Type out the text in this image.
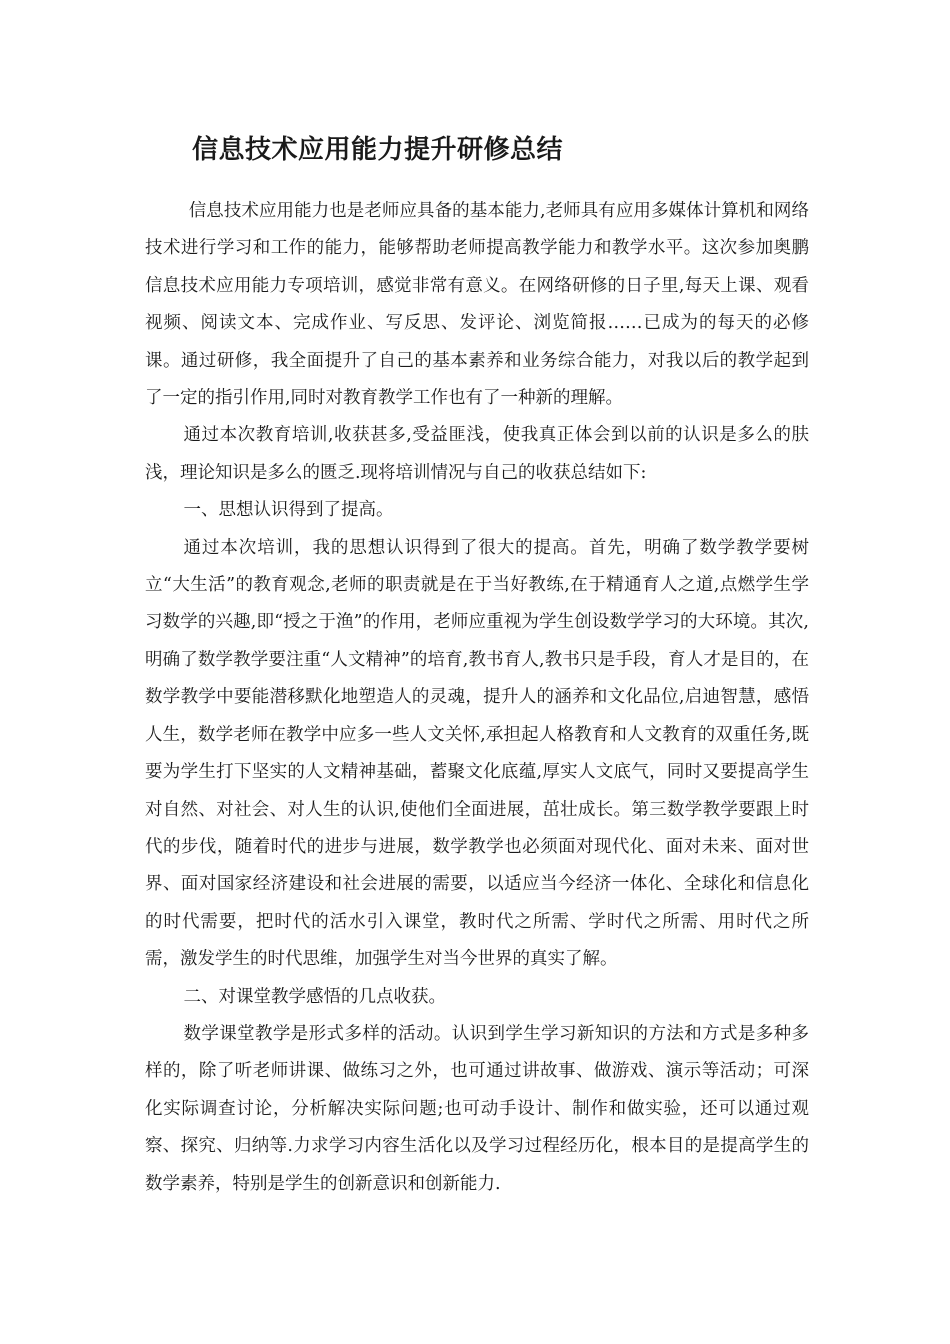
信息技术应用能力提升研修总结

信息技术应用能力也是老师应具备的基本能力,老师具有应用多媒体计算机和网络技术进行学习和工作的能力，能够帮助老师提高教学能力和教学水平。这次参加奥鹏信息技术应用能力专项培训，感觉非常有意义。在网络研修的日子里,每天上课、观看视频、阅读文本、完成作业、写反思、发评论、浏览简报……已成为的每天的必修课。通过研修，我全面提升了自己的基本素养和业务综合能力，对我以后的教学起到了一定的指引作用,同时对教育教学工作也有了一种新的理解。

通过本次教育培训,收获甚多,受益匪浅，使我真正体会到以前的认识是多么的肤浅，理论知识是多么的匮乏.现将培训情况与自己的收获总结如下:

一、思想认识得到了提高。

通过本次培训，我的思想认识得到了很大的提高。首先，明确了数学教学要树立“大生活”的教育观念,老师的职责就是在于当好教练,在于精通育人之道,点燃学生学习数学的兴趣,即“授之于渔”的作用，老师应重视为学生创设数学学习的大环境。其次,明确了数学教学要注重“人文精神”的培育,教书育人,教书只是手段，育人才是目的，在数学教学中要能潜移默化地塑造人的灵魂，提升人的涵养和文化品位,启迪智慧，感悟人生，数学老师在教学中应多一些人文关怀,承担起人格教育和人文教育的双重任务,既要为学生打下坚实的人文精神基础，蓄聚文化底蕴,厚实人文底气，同时又要提高学生对自然、对社会、对人生的认识,使他们全面进展，茁壮成长。第三数学教学要跟上时代的步伐，随着时代的进步与进展，数学教学也必须面对现代化、面对未来、面对世界、面对国家经济建设和社会进展的需要，以适应当今经济一体化、全球化和信息化的时代需要，把时代的活水引入课堂，教时代之所需、学时代之所需、用时代之所需，激发学生的时代思维，加强学生对当今世界的真实了解。

二、对课堂教学感悟的几点收获。

数学课堂教学是形式多样的活动。认识到学生学习新知识的方法和方式是多种多样的，除了听老师讲课、做练习之外，也可通过讲故事、做游戏、演示等活动；可深化实际调查讨论，分析解决实际问题;也可动手设计、制作和做实验，还可以通过观察、探究、归纳等.力求学习内容生活化以及学习过程经历化，根本目的是提高学生的数学素养，特别是学生的创新意识和创新能力.
